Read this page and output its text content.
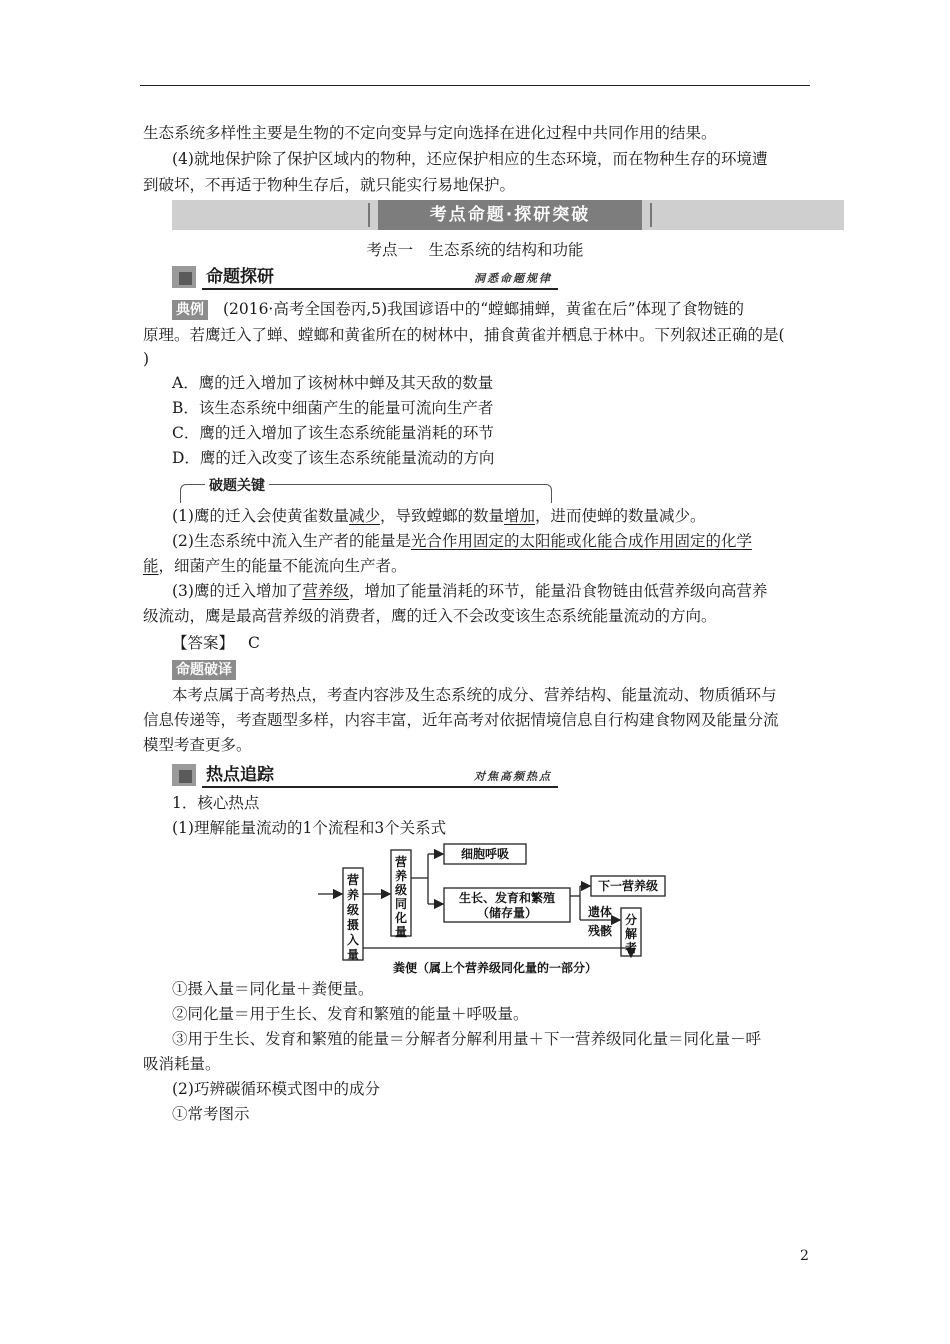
生态系统多样性主要是生物的不定向变异与定向选择在进化过程中共同作用的结果。
(4)就地保护除了保护区域内的物种，还应保护相应的生态环境，而在物种生存的环境遭
到破坏，不再适于物种生存后，就只能实行易地保护。
考点命题·探研突破
考点一　生态系统的结构和功能
命题探研	洞悉命题规律
典例 (2016·高考全国卷丙,5)我国谚语中的“螳螂捕蝉，黄雀在后”体现了食物链的
原理。若鹰迁入了蝉、螳螂和黄雀所在的树林中，捕食黄雀并栖息于林中。下列叙述正确的是(
)
A．鹰的迁入增加了该树林中蝉及其天敌的数量
B．该生态系统中细菌产生的能量可流向生产者
C．鹰的迁入增加了该生态系统能量消耗的环节
D．鹰的迁入改变了该生态系统能量流动的方向
破题关键
(1)鹰的迁入会使黄雀数量减少，导致螳螂的数量增加，进而使蝉的数量减少。
(2)生态系统中流入生产者的能量是光合作用固定的太阳能或化能合成作用固定的化学
能，细菌产生的能量不能流向生产者。
(3)鹰的迁入增加了营养级，增加了能量消耗的环节，能量沿食物链由低营养级向高营养
级流动，鹰是最高营养级的消费者，鹰的迁入不会改变该生态系统能量流动的方向。
【答案】 C
命题破译
本考点属于高考热点，考查内容涉及生态系统的成分、营养结构、能量流动、物质循环与
信息传递等，考查题型多样，内容丰富，近年高考对依据情境信息自行构建食物网及能量分流
模型考查更多。
热点追踪	对焦高频热点
1．核心热点
(1)理解能量流动的1个流程和3个关系式
营养级摄入量
营养级同化量
细胞呼吸
生长、发育和繁殖
（储存量）
下一营养级
遗体
残骸
分解者
粪便（属上个营养级同化量的一部分）
①摄入量＝同化量＋粪便量。
②同化量＝用于生长、发育和繁殖的能量＋呼吸量。
③用于生长、发育和繁殖的能量＝分解者分解利用量＋下一营养级同化量＝同化量－呼
吸消耗量。
(2)巧辨碳循环模式图中的成分
①常考图示
2
